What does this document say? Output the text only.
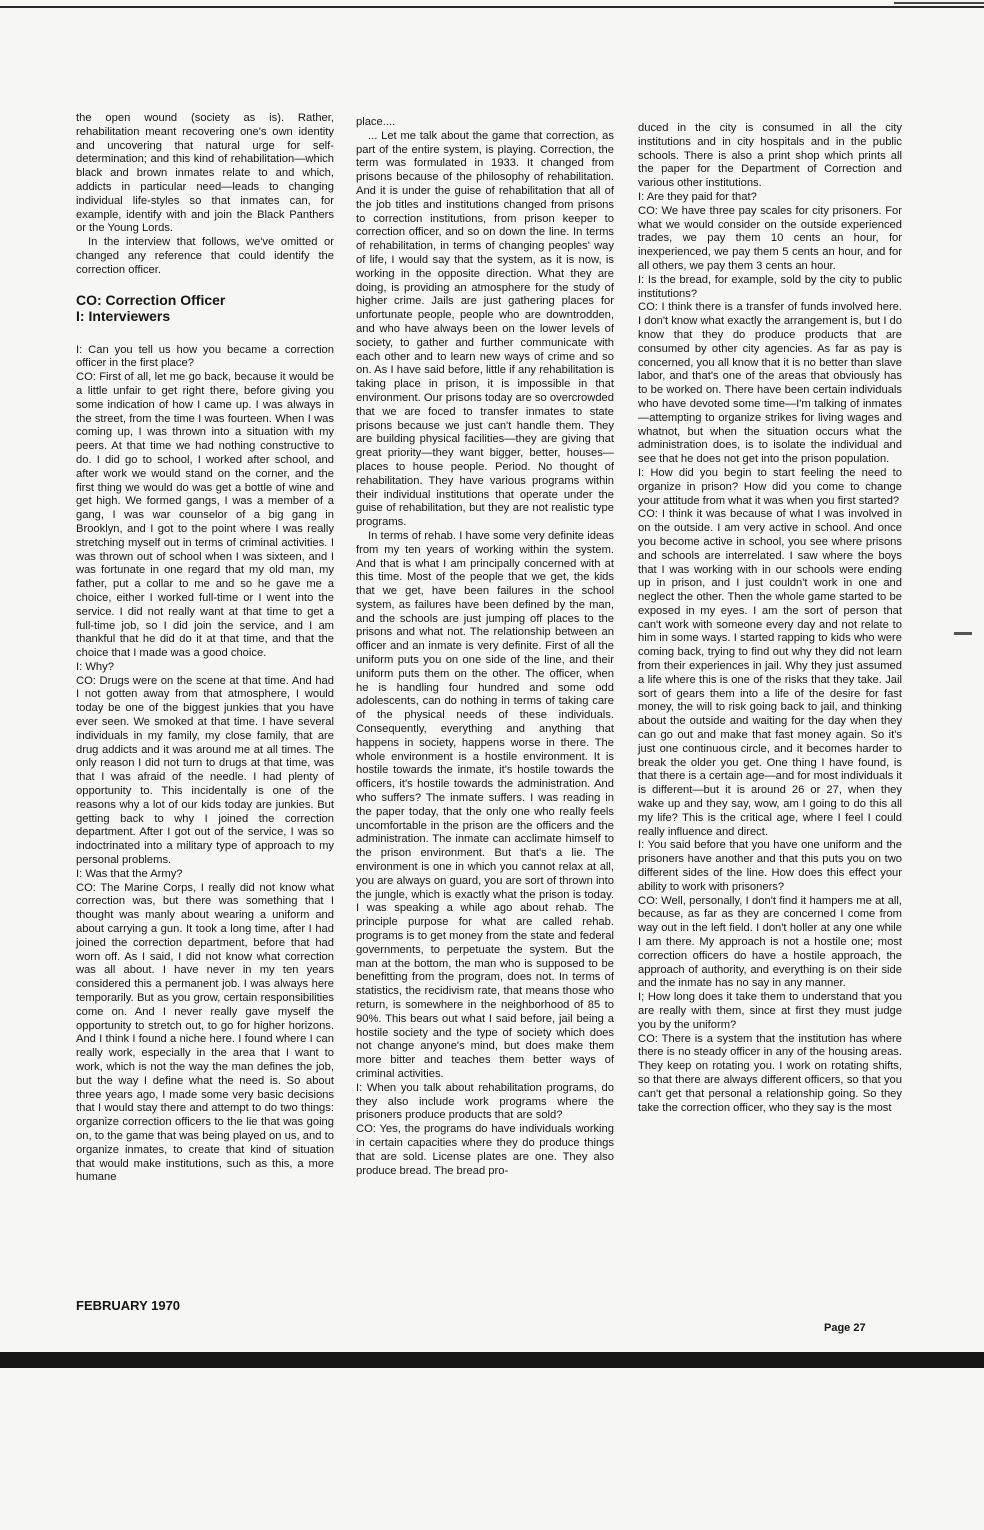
the open wound (society as is). Rather, rehabilitation meant recovering one's own identity and uncovering that natural urge for self-determination; and this kind of rehabilitation—which black and brown inmates relate to and which, addicts in particular need—leads to changing individual life-styles so that inmates can, for example, identify with and join the Black Panthers or the Young Lords.

In the interview that follows, we've omitted or changed any reference that could identify the correction officer.

CO: Correction Officer
I: Interviewers

I: Can you tell us how you became a correction officer in the first place?

CO: First of all, let me go back, because it would be a little unfair to get right there, before giving you some indication of how I came up. I was always in the street, from the time I was fourteen. When I was coming up, I was thrown into a situation with my peers. At that time we had nothing constructive to do. I did go to school, I worked after school, and after work we would stand on the corner, and the first thing we would do was get a bottle of wine and get high. We formed gangs, I was a member of a gang, I was war counselor of a big gang in Brooklyn, and I got to the point where I was really stretching myself out in terms of criminal activities. I was thrown out of school when I was sixteen, and I was fortunate in one regard that my old man, my father, put a collar to me and so he gave me a choice, either I worked full-time or I went into the service. I did not really want at that time to get a full-time job, so I did join the service, and I am thankful that he did do it at that time, and that the choice that I made was a good choice.

I: Why?

CO: Drugs were on the scene at that time. And had I not gotten away from that atmosphere, I would today be one of the biggest junkies that you have ever seen. We smoked at that time. I have several individuals in my family, my close family, that are drug addicts and it was around me at all times. The only reason I did not turn to drugs at that time, was that I was afraid of the needle. I had plenty of opportunity to. This incidentally is one of the reasons why a lot of our kids today are junkies. But getting back to why I joined the correction department. After I got out of the service, I was so indoctrinated into a military type of approach to my personal problems.

I: Was that the Army?

CO: The Marine Corps, I really did not know what correction was, but there was something that I thought was manly about wearing a uniform and about carrying a gun. It took a long time, after I had joined the correction department, before that had worn off. As I said, I did not know what correction was all about. I have never in my ten years considered this a permanent job. I was always here temporarily. But as you grow, certain responsibilities come on. And I never really gave myself the opportunity to stretch out, to go for higher horizons. And I think I found a niche here. I found where I can really work, especially in the area that I want to work, which is not the way the man defines the job, but the way I define what the need is. So about three years ago, I made some very basic decisions that I would stay there and attempt to do two things: organize correction officers to the lie that was going on, to the game that was being played on us, and to organize inmates, to create that kind of situation that would make institutions, such as this, a more humane

place....

... Let me talk about the game that correction, as part of the entire system, is playing. Correction, the term was formulated in 1933. It changed from prisons because of the philosophy of rehabilitation. And it is under the guise of rehabilitation that all of the job titles and institutions changed from prisons to correction institutions, from prison keeper to correction officer, and so on down the line. In terms of rehabilitation, in terms of changing peoples' way of life, I would say that the system, as it is now, is working in the opposite direction. What they are doing, is providing an atmosphere for the study of higher crime. Jails are just gathering places for unfortunate people, people who are downtrodden, and who have always been on the lower levels of society, to gather and further communicate with each other and to learn new ways of crime and so on. As I have said before, little if any rehabilitation is taking place in prison, it is impossible in that environment. Our prisons today are so overcrowded that we are foced to transfer inmates to state prisons because we just can't handle them. They are building physical facilities—they are giving that great priority—they want bigger, better, houses—places to house people. Period. No thought of rehabilitation. They have various programs within their individual institutions that operate under the guise of rehabilitation, but they are not realistic type programs.

In terms of rehab. I have some very definite ideas from my ten years of working within the system. And that is what I am principally concerned with at this time. Most of the people that we get, the kids that we get, have been failures in the school system, as failures have been defined by the man, and the schools are just jumping off places to the prisons and what not. The relationship between an officer and an inmate is very definite. First of all the uniform puts you on one side of the line, and their uniform puts them on the other. The officer, when he is handling four hundred and some odd adolescents, can do nothing in terms of taking care of the physical needs of these individuals. Consequently, everything and anything that happens in society, happens worse in there. The whole environment is a hostile environment. It is hostile towards the inmate, it's hostile towards the officers, it's hostile towards the administration. And who suffers? The inmate suffers. I was reading in the paper today, that the only one who really feels uncomfortable in the prison are the officers and the administration. The inmate can acclimate himself to the prison environment. But that's a lie. The environment is one in which you cannot relax at all, you are always on guard, you are sort of thrown into the jungle, which is exactly what the prison is today. I was speaking a while ago about rehab. The principle purpose for what are called rehab. programs is to get money from the state and federal governments, to perpetuate the system. But the man at the bottom, the man who is supposed to be benefitting from the program, does not. In terms of statistics, the recidivism rate, that means those who return, is somewhere in the neighborhood of 85 to 90%. This bears out what I said before, jail being a hostile society and the type of society which does not change anyone's mind, but does make them more bitter and teaches them better ways of criminal activities.

I: When you talk about rehabilitation programs, do they also include work programs where the prisoners produce products that are sold?

CO: Yes, the programs do have individuals working in certain capacities where they do produce things that are sold. License plates are one. They also produce bread. The bread pro-

duced in the city is consumed in all the city institutions and in city hospitals and in the public schools. There is also a print shop which prints all the paper for the Department of Correction and various other institutions.

I: Are they paid for that?

CO: We have three pay scales for city prisoners. For what we would consider on the outside experienced trades, we pay them 10 cents an hour, for inexperienced, we pay them 5 cents an hour, and for all others, we pay them 3 cents an hour.

I: Is the bread, for example, sold by the city to public institutions?

CO: I think there is a transfer of funds involved here. I don't know what exactly the arrangement is, but I do know that they do produce products that are consumed by other city agencies. As far as pay is concerned, you all know that it is no better than slave labor, and that's one of the areas that obviously has to be worked on. There have been certain individuals who have devoted some time—I'm talking of inmates—attempting to organize strikes for living wages and whatnot, but when the situation occurs what the administration does, is to isolate the individual and see that he does not get into the prison population.

I: How did you begin to start feeling the need to organize in prison? How did you come to change your attitude from what it was when you first started?

CO: I think it was because of what I was involved in on the outside. I am very active in school. And once you become active in school, you see where prisons and schools are interrelated. I saw where the boys that I was working with in our schools were ending up in prison, and I just couldn't work in one and neglect the other. Then the whole game started to be exposed in my eyes. I am the sort of person that can't work with someone every day and not relate to him in some ways. I started rapping to kids who were coming back, trying to find out why they did not learn from their experiences in jail. Why they just assumed a life where this is one of the risks that they take. Jail sort of gears them into a life of the desire for fast money, the will to risk going back to jail, and thinking about the outside and waiting for the day when they can go out and make that fast money again. So it's just one continuous circle, and it becomes harder to break the older you get. One thing I have found, is that there is a certain age—and for most individuals it is different—but it is around 26 or 27, when they wake up and they say, wow, am I going to do this all my life? This is the critical age, where I feel I could really influence and direct.

I: You said before that you have one uniform and the prisoners have another and that this puts you on two different sides of the line. How does this effect your ability to work with prisoners?

CO: Well, personally, I don't find it hampers me at all, because, as far as they are concerned I come from way out in the left field. I don't holler at any one while I am there. My approach is not a hostile one; most correction officers do have a hostile approach, the approach of authority, and everything is on their side and the inmate has no say in any manner.

I; How long does it take them to understand that you are really with them, since at first they must judge you by the uniform?

CO: There is a system that the institution has where there is no steady officer in any of the housing areas. They keep on rotating you. I work on rotating shifts, so that there are always different officers, so that you can't get that personal a relationship going. So they take the correction officer, who they say is the most

FEBRUARY 1970
Page 27
